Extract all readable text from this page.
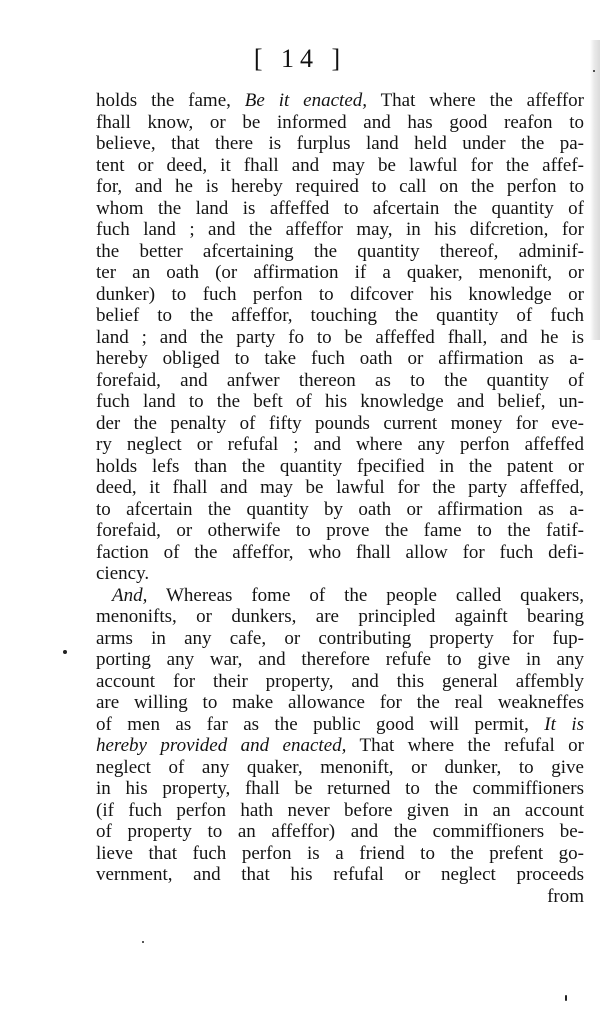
[ 14 ]
holds the fame, Be it enacted, That where the affeffor
fhall know, or be informed and has good reafon to
believe, that there is furplus land held under the pa-
tent or deed, it fhall and may be lawful for the affef-
for, and he is hereby required to call on the perfon to
whom the land is affeffed to afcertain the quantity of
fuch land ; and the affeffor may, in his difcretion, for
the better afcertaining the quantity thereof, adminif-
ter an oath (or affirmation if a quaker, menonift, or
dunker) to fuch perfon to difcover his knowledge or
belief to the affeffor, touching the quantity of fuch
land ; and the party fo to be affeffed fhall, and he is
hereby obliged to take fuch oath or affirmation as a-
forefaid, and anfwer thereon as to the quantity of
fuch land to the beft of his knowledge and belief, un-
der the penalty of fifty pounds current money for eve-
ry neglect or refufal ; and where any perfon affeffed
holds lefs than the quantity fpecified in the patent or
deed, it fhall and may be lawful for the party affeffed,
to afcertain the quantity by oath or affirmation as a-
forefaid, or otherwife to prove the fame to the fatif-
faction of the affeffor, who fhall allow for fuch defi-
ciency.
And, Whereas fome of the people called quakers,
menonifts, or dunkers, are principled againft bearing
arms in any cafe, or contributing property for fup-
porting any war, and therefore refufe to give in any
account for their property, and this general affembly
are willing to make allowance for the real weakneffes
of men as far as the public good will permit, It is
hereby provided and enacted, That where the refufal or
neglect of any quaker, menonift, or dunker, to give
in his property, fhall be returned to the commiffioners
(if fuch perfon hath never before given in an account
of property to an affeffor) and the commiffioners be-
lieve that fuch perfon is a friend to the prefent go-
vernment, and that his refufal or neglect proceeds
from
